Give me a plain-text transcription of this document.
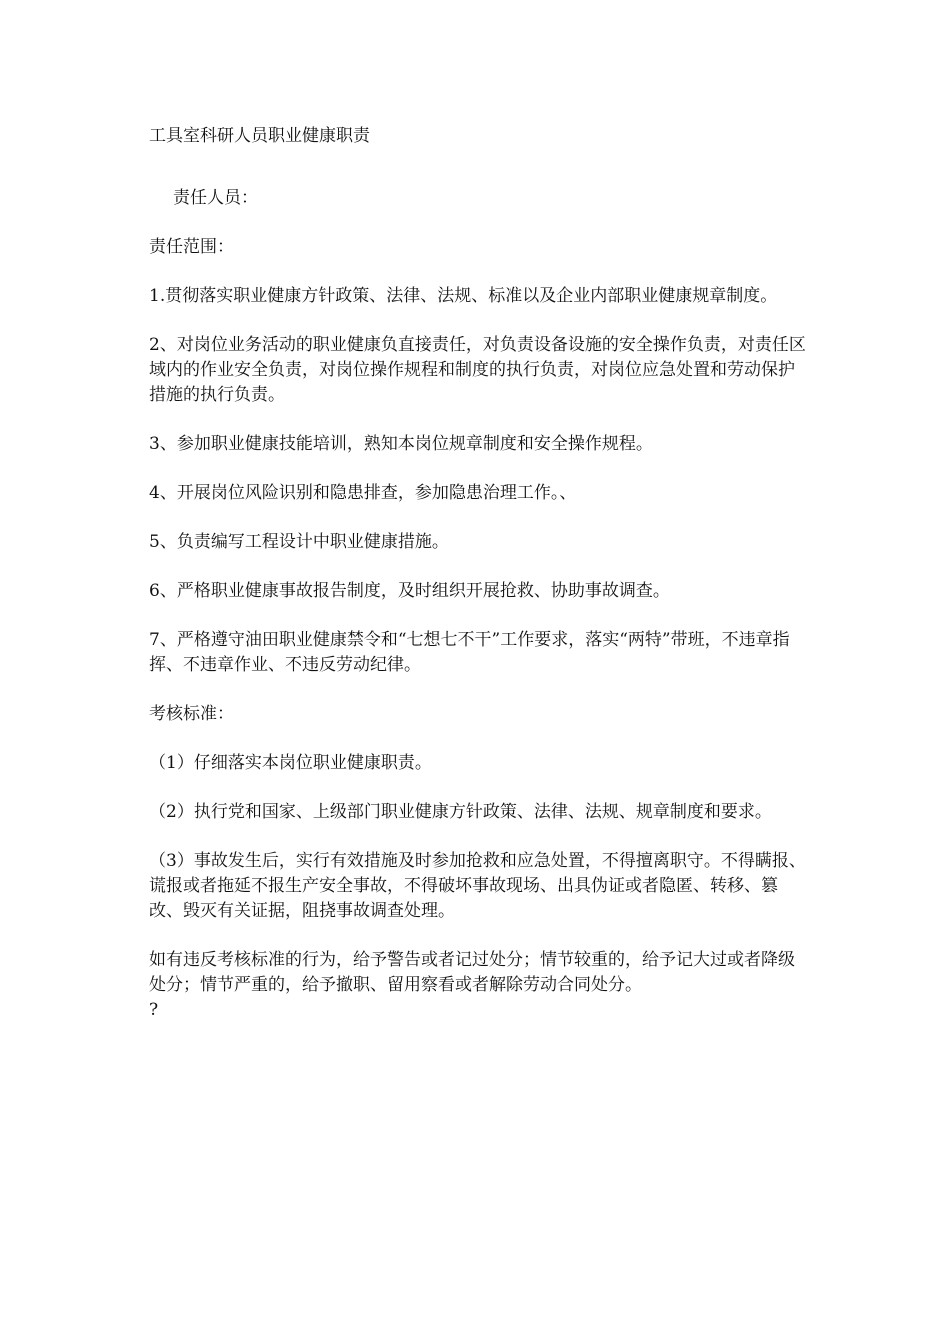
工具室科研人员职业健康职责

责任人员：

责任范围：

1.贯彻落实职业健康方针政策、法律、法规、标准以及企业内部职业健康规章制度。

2、对岗位业务活动的职业健康负直接责任，对负责设备设施的安全操作负责，对责任区域内的作业安全负责，对岗位操作规程和制度的执行负责，对岗位应急处置和劳动保护措施的执行负责。

3、参加职业健康技能培训，熟知本岗位规章制度和安全操作规程。

4、开展岗位风险识别和隐患排查，参加隐患治理工作。、

5、负责编写工程设计中职业健康措施。

6、严格职业健康事故报告制度，及时组织开展抢救、协助事故调查。

7、严格遵守油田职业健康禁令和“七想七不干”工作要求，落实“两特”带班，不违章指挥、不违章作业、不违反劳动纪律。

考核标准：

（1）仔细落实本岗位职业健康职责。

（2）执行党和国家、上级部门职业健康方针政策、法律、法规、规章制度和要求。

（3）事故发生后，实行有效措施及时参加抢救和应急处置，不得擅离职守。不得瞒报、谎报或者拖延不报生产安全事故，不得破坏事故现场、出具伪证或者隐匿、转移、篡改、毁灭有关证据，阻挠事故调查处理。

如有违反考核标准的行为，给予警告或者记过处分；情节较重的，给予记大过或者降级处分；情节严重的，给予撤职、留用察看或者解除劳动合同处分。

?
